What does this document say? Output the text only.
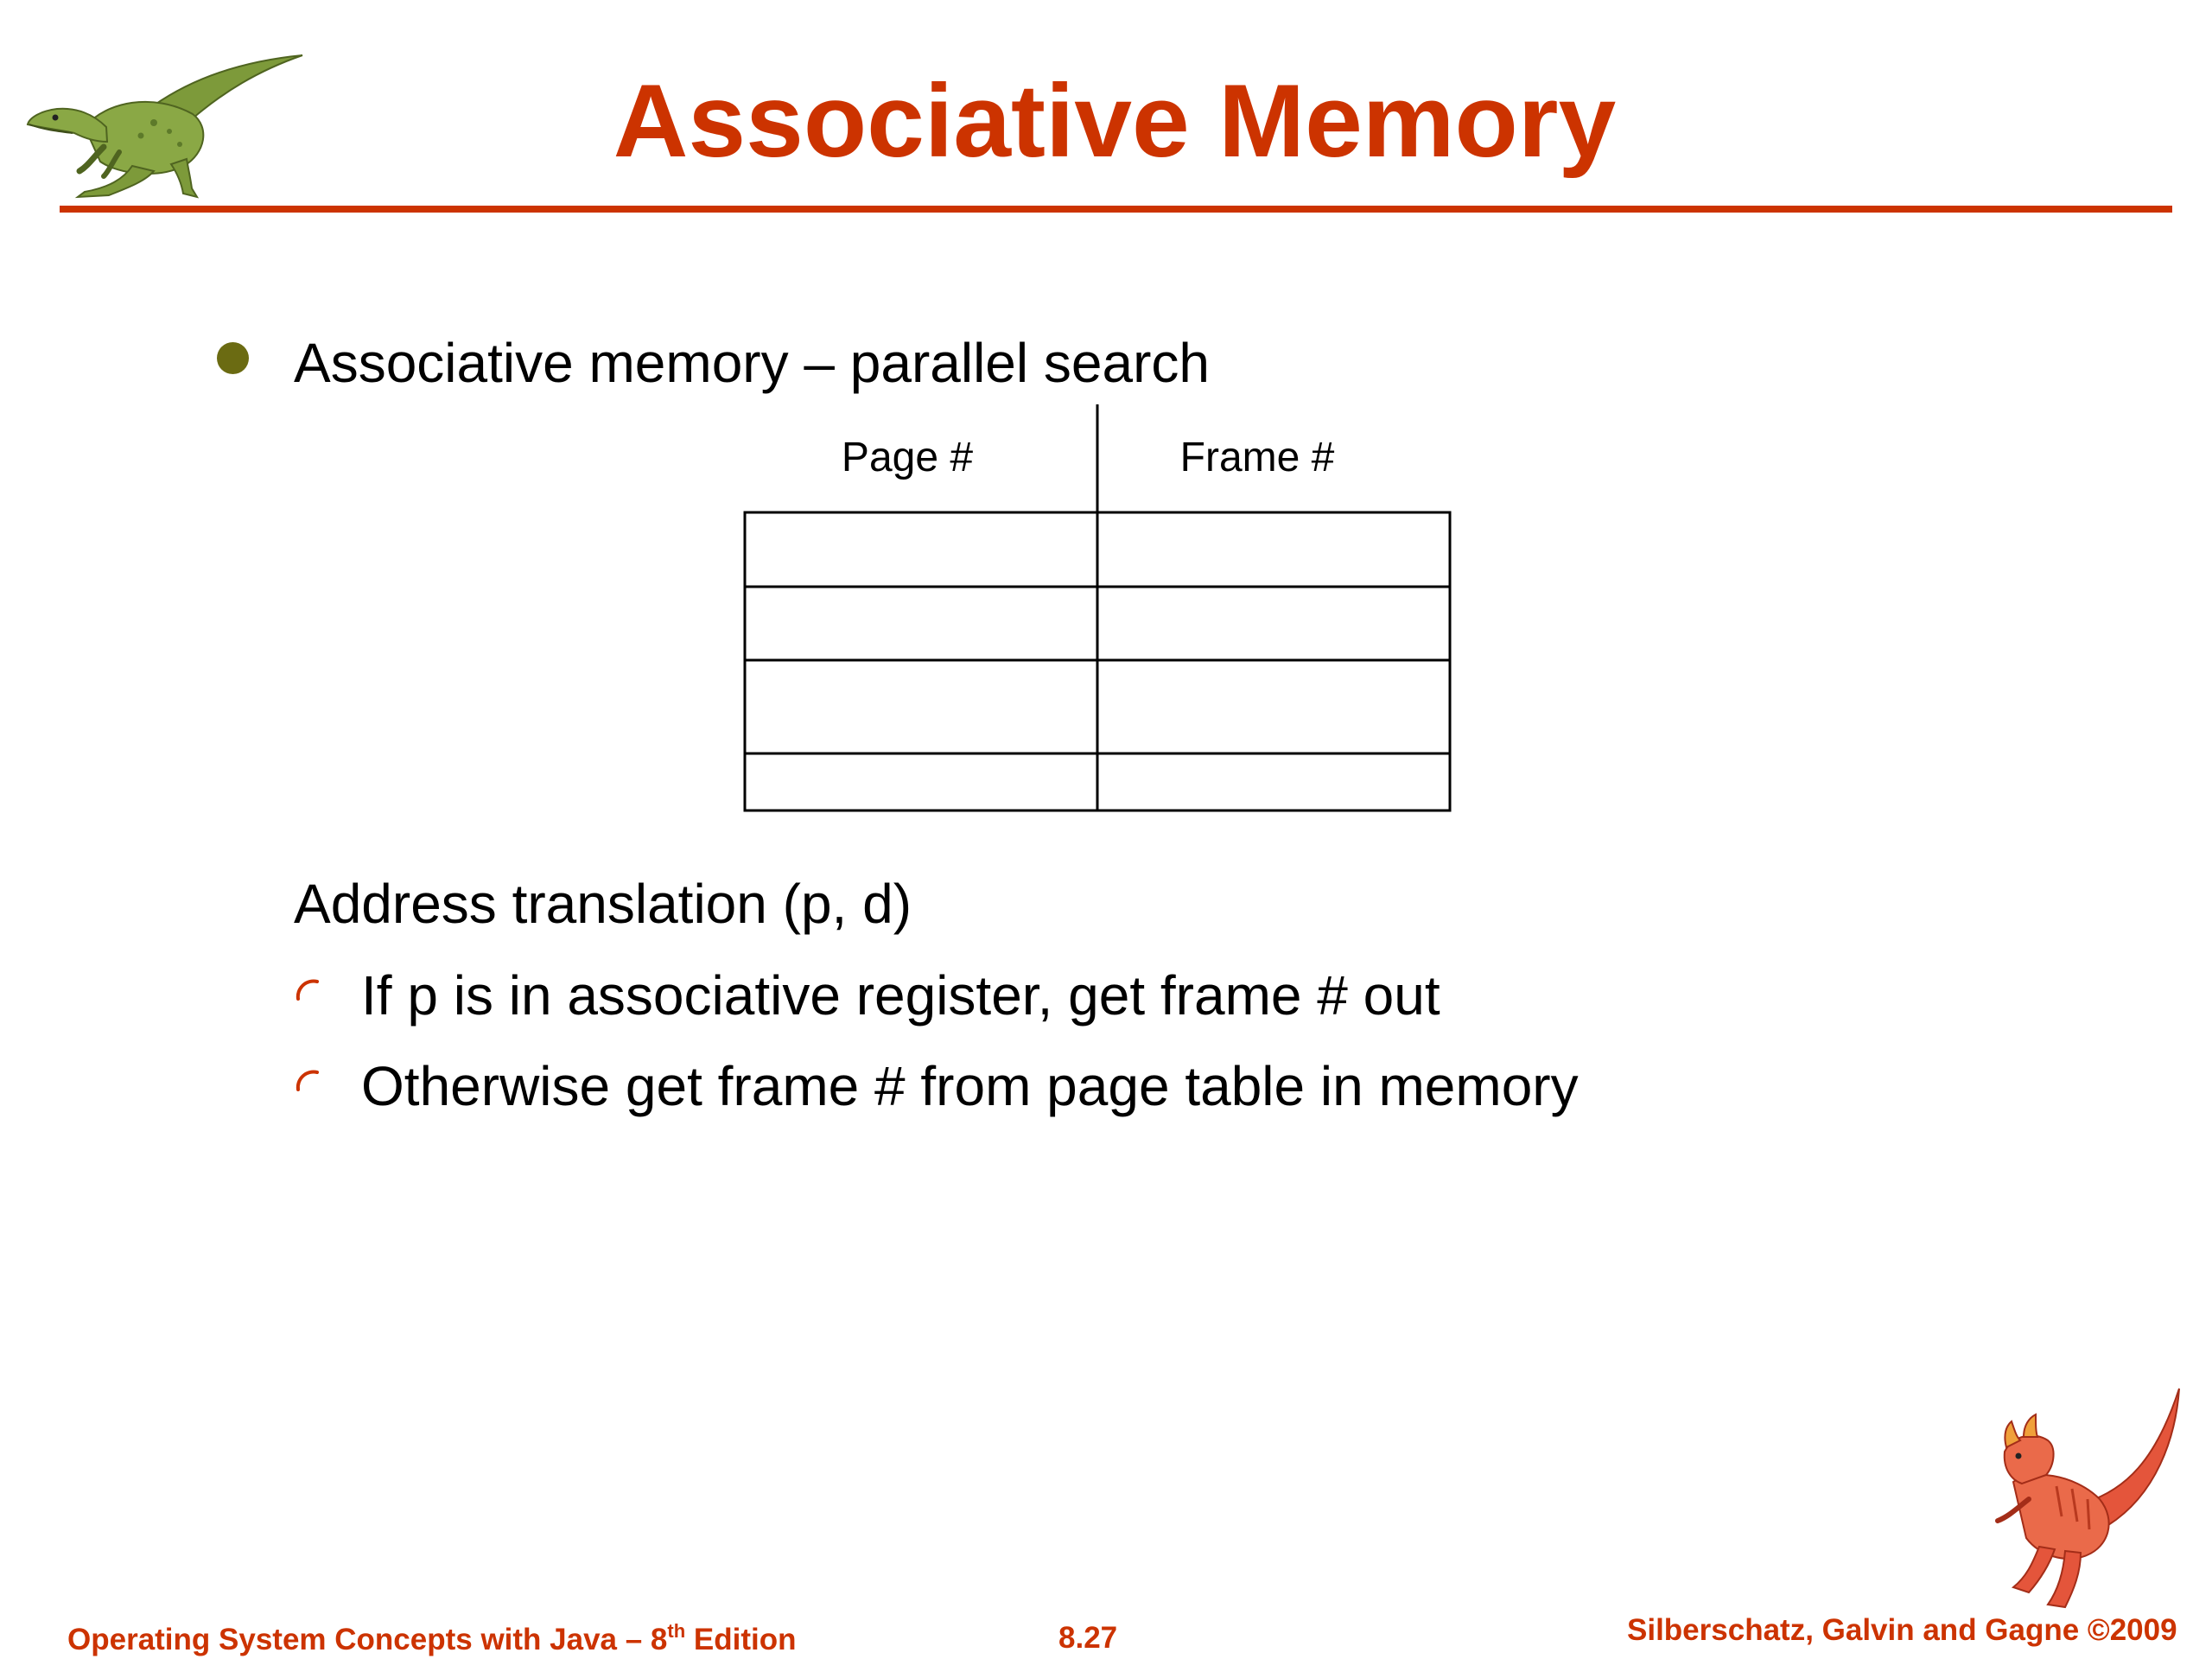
Associative Memory
Associative memory – parallel search
Page #	Frame #
Address translation (p, d)
If p is in associative register, get frame # out
Otherwise get frame # from page table in memory
Operating System Concepts with Java – 8th Edition	8.27	Silberschatz, Galvin and Gagne ©2009
